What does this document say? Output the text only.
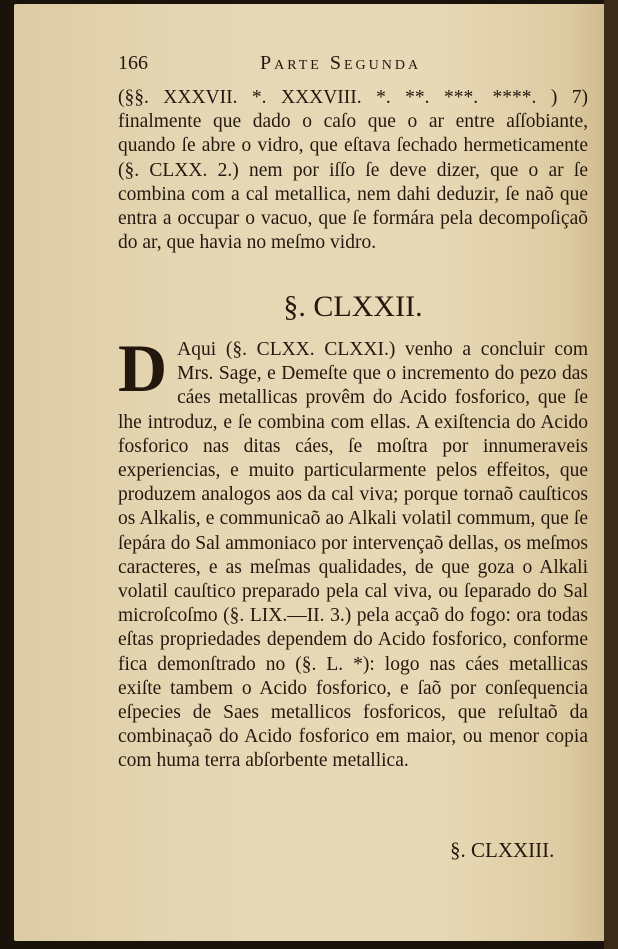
166	Parte Segunda
(§§. XXXVII. *. XXXVIII. *. **. ***. ****. ) 7) finalmente que dado o caſo que o ar entre aſſobiante, quando ſe abre o vidro, que eſtava ſechado hermeticamente (§. CLXX. 2.) nem por iſſo ſe deve dizer, que o ar ſe combina com a cal metallica, nem dahi deduzir, ſe naõ que entra a occupar o vacuo, que ſe formára pela decompoſiçaõ do ar, que havia no meſmo vidro.
§. CLXXII.
D Aqui (§. CLXX. CLXXI.) venho a concluir com Mrs. Sage, e Demeſte que o incremento do pezo das cáes metallicas provêm do Acido fosforico, que ſe lhe introduz, e ſe combina com ellas. A exiſtencia do Acido fosforico nas ditas cáes, ſe moſtra por innumeraveis experiencias, e muito particularmente pelos effeitos, que produzem analogos aos da cal viva; porque tornaõ cauſticos os Alkalis, e communicaõ ao Alkali volatil commum, que ſe ſepára do Sal ammoniaco por intervençaõ dellas, os meſmos caracteres, e as meſmas qualidades, de que goza o Alkali volatil cauſtico preparado pela cal viva, ou ſeparado do Sal microſcoſmo (§. LIX.—II. 3.) pela acçaõ do fogo: ora todas eſtas propriedades dependem do Acido fosforico, conforme fica demonſtrado no (§. L. *): logo nas cáes metallicas exiſte tambem o Acido fosforico, e ſaõ por conſequencia eſpecies de Saes metallicos fosforicos, que reſultaõ da combinaçaõ do Acido fosforico em maior, ou menor copia com huma terra abſorbente metallica.
§. CLXXIII.
